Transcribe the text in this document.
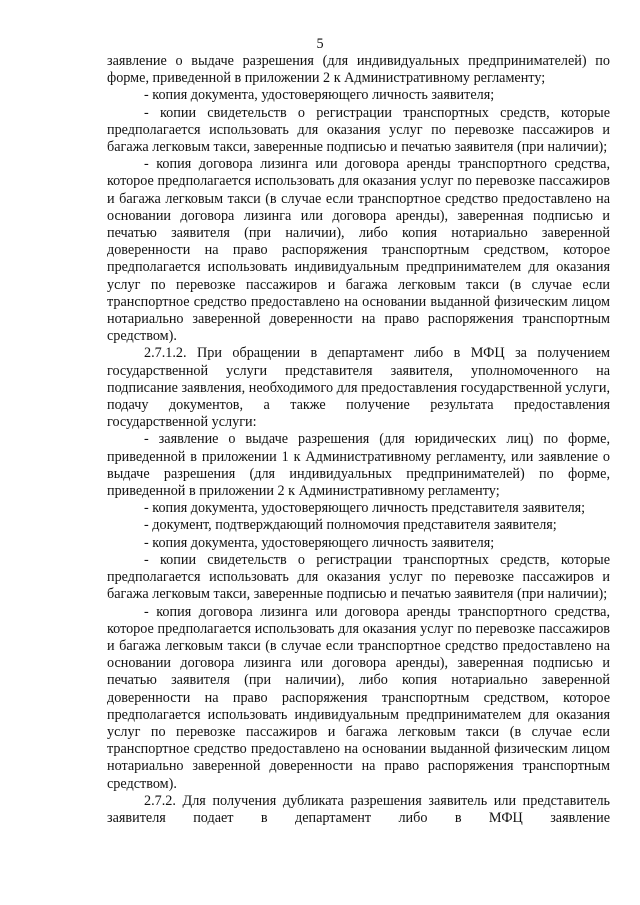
5

заявление о выдаче разрешения (для индивидуальных предпринимателей) по форме, приведенной в приложении 2 к Административному регламенту;

- копия документа, удостоверяющего личность заявителя;

- копии свидетельств о регистрации транспортных средств, которые предполагается использовать для оказания услуг по перевозке пассажиров и багажа легковым такси, заверенные подписью и печатью заявителя (при наличии);

- копия договора лизинга или договора аренды транспортного средства, которое предполагается использовать для оказания услуг по перевозке пассажиров и багажа легковым такси (в случае если транспортное средство предоставлено на основании договора лизинга или договора аренды), заверенная подписью и печатью заявителя (при наличии), либо копия нотариально заверенной доверенности на право распоряжения транспортным средством, которое предполагается использовать индивидуальным предпринимателем для оказания услуг по перевозке пассажиров и багажа легковым такси (в случае если транспортное средство предоставлено на основании выданной физическим лицом нотариально заверенной доверенности на право распоряжения транспортным средством).

2.7.1.2. При обращении в департамент либо в МФЦ за получением государственной услуги представителя заявителя, уполномоченного на подписание заявления, необходимого для предоставления государственной услуги, подачу документов, а также получение результата предоставления государственной услуги:

- заявление о выдаче разрешения (для юридических лиц) по форме, приведенной в приложении 1 к Административному регламенту, или заявление о выдаче разрешения (для индивидуальных предпринимателей) по форме, приведенной в приложении 2 к Административному регламенту;

- копия документа, удостоверяющего личность представителя заявителя;

- документ, подтверждающий полномочия представителя заявителя;

- копия документа, удостоверяющего личность заявителя;

- копии свидетельств о регистрации транспортных средств, которые предполагается использовать для оказания услуг по перевозке пассажиров и багажа легковым такси, заверенные подписью и печатью заявителя (при наличии);

- копия договора лизинга или договора аренды транспортного средства, которое предполагается использовать для оказания услуг по перевозке пассажиров и багажа легковым такси (в случае если транспортное средство предоставлено на основании договора лизинга или договора аренды), заверенная подписью и печатью заявителя (при наличии), либо копия нотариально заверенной доверенности на право распоряжения транспортным средством, которое предполагается использовать индивидуальным предпринимателем для оказания услуг по перевозке пассажиров и багажа легковым такси (в случае если транспортное средство предоставлено на основании выданной физическим лицом нотариально заверенной доверенности на право распоряжения транспортным средством).

2.7.2. Для получения дубликата разрешения заявитель или представитель заявителя подает в департамент либо в МФЦ заявление
